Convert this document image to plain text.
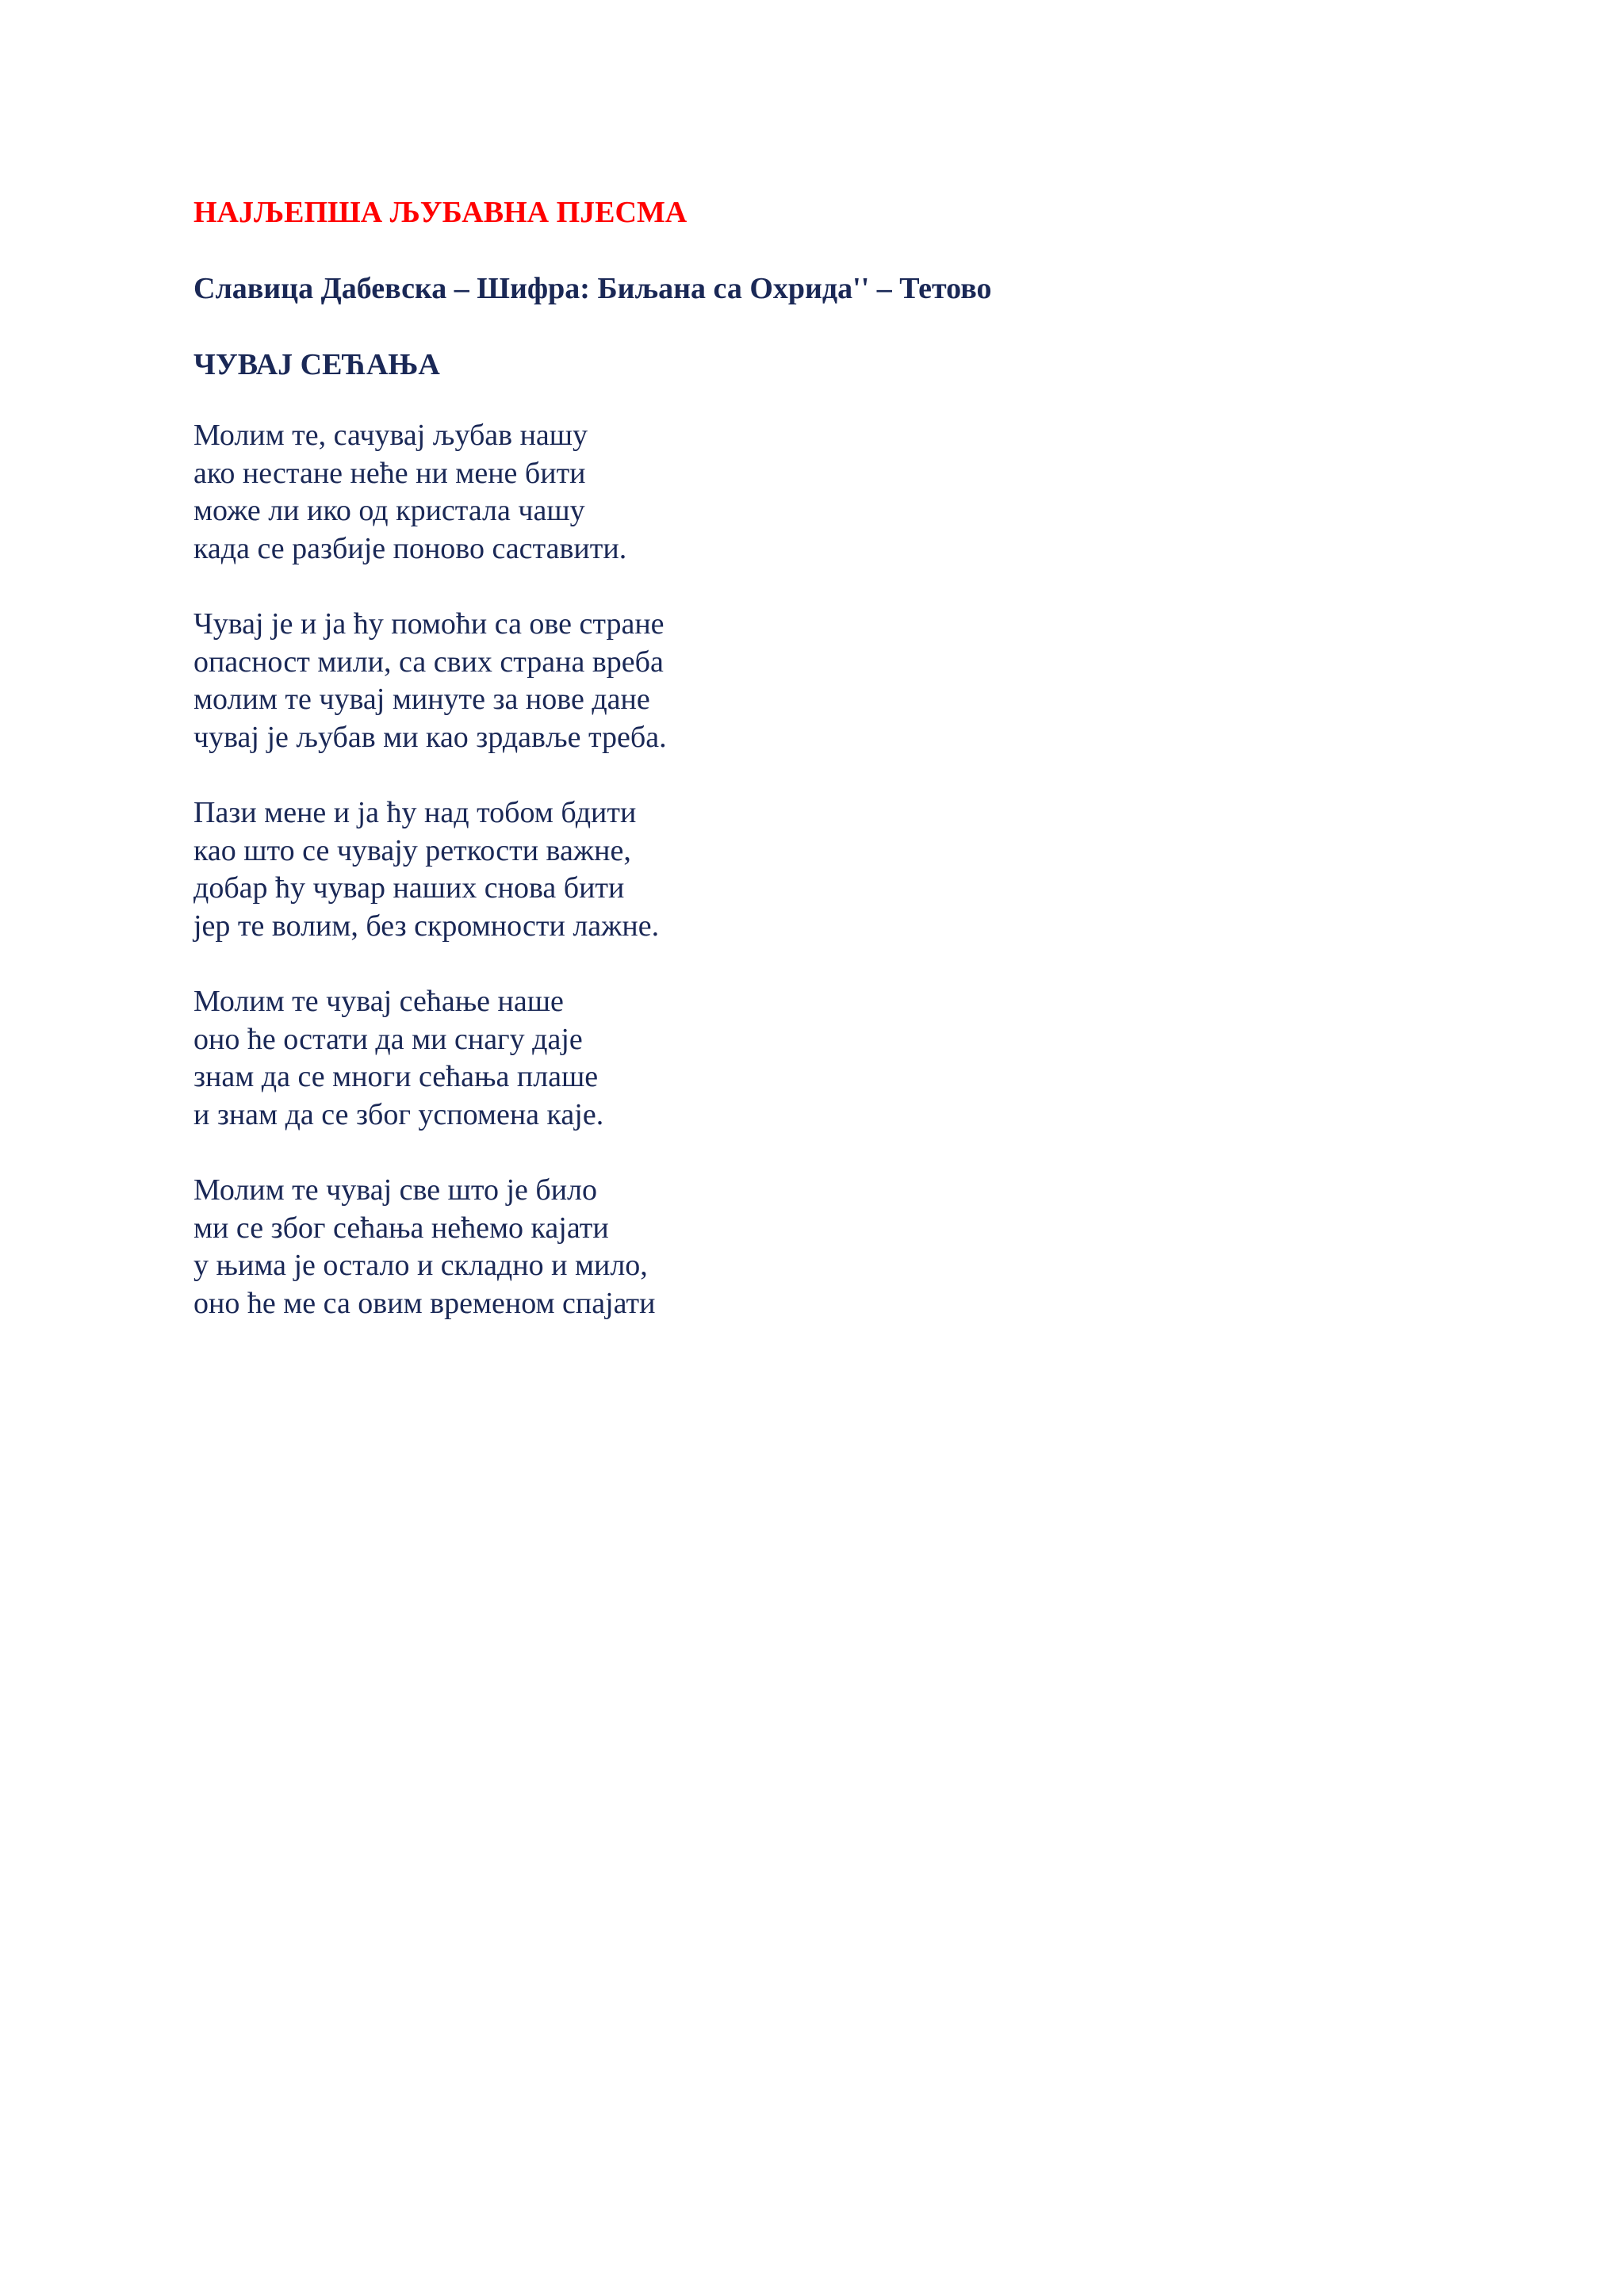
НАЈЉЕПША ЉУБАВНА ПЈЕСМА
Славица Дабевска – Шифра: Биљана са Охрида'' – Тетово
ЧУВАЈ СЕЋАЊА
Молим те, сачувај љубав нашу
ако нестане неће ни мене бити
може ли ико од кристала чашу
када се разбије поново саставити.
Чувај је и ја ћу помоћи са ове стране
опасност мили, са свих страна вреба
молим те чувај минуте за нове дане
чувај је љубав ми као зрдавље треба.
Пази мене и ја ћу над тобом бдити
као што се чувају реткости важне,
добар ћу чувар наших снова бити
јер те волим, без скромности лажне.
Молим те чувај сећање наше
оно ће остати да ми снагу даје
знам да се многи сећања плаше
и знам да се због успомена каје.
Молим те чувај све што је било
ми се због сећања нећемо кајати
у њима је остало и складно и мило,
оно ће ме са овим временом спајати
